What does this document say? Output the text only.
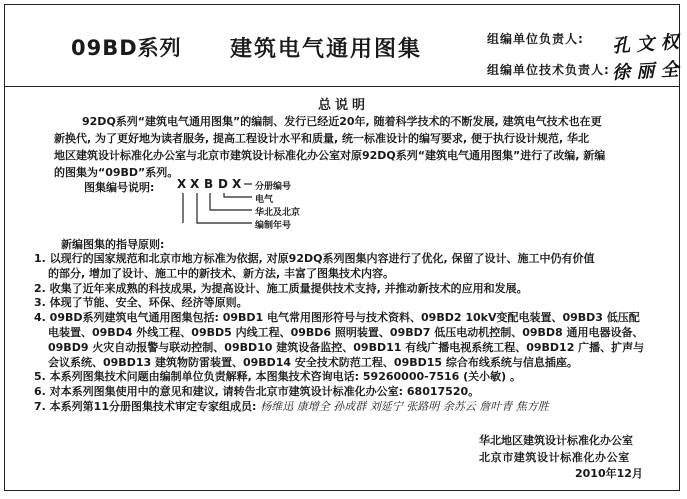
09BD系列 建筑电气通用图集	组编单位负责人:
组编单位技术负责人:
孔 文 权
徐 丽 全
总说明

92DQ系列“建筑电气通用图集”的编制、发行已经近20年, 随着科学技术的不断发展, 建筑电气技术也在更
新换代, 为了更好地为读者服务, 提高工程设计水平和质量, 统一标准设计的编写要求, 便于执行设计规范, 华北
地区建筑设计标准化办公室与北京市建筑设计标准化办公室对原92DQ系列“建筑电气通用图集”进行了改编, 新编
的图集为“09BD”系列。

图集编号说明: X X B D X 分册编号
电气
华北及北京
编制年号
新编图集的指导原则:
1. 以现行的国家规范和北京市地方标准为依据, 对原92DQ系列图集内容进行了优化, 保留了设计、施工中仍有价值
的部分, 增加了设计、施工中的新技术、新方法, 丰富了图集技术内容。
2. 收集了近年来成熟的科技成果, 为提高设计、施工质量提供技术支持, 并推动新技术的应用和发展。
3. 体现了节能、安全、环保、经济等原则。
4. 09BD系列建筑电气通用图集包括: 09BD1 电气常用图形符号与技术资料、09BD2 10kV变配电装置、09BD3 低压配
电装置、09BD4 外线工程、09BD5 内线工程、09BD6 照明装置、09BD7 低压电动机控制、09BD8 通用电器设备、
09BD9 火灾自动报警与联动控制、09BD10 建筑设备监控、09BD11 有线广播电视系统工程、09BD12 广播、扩声与
会议系统、09BD13 建筑物防雷装置、09BD14 安全技术防范工程、09BD15 综合布线系统与信息插座。
5. 本系列图集技术问题由编制单位负责解释, 本图集技术咨询电话: 59260000-7516 (关小敏) 。
6. 对本系列图集使用中的意见和建议, 请转告北京市建筑设计标准化办公室: 68017520。
7. 本系列第11分册图集技术审定专家组成员: 杨维迅 康增全 孙成群 刘延宁 张路明 余苏云 詹叶青 焦方胜
华北地区建筑设计标准化办公室
北京市建筑设计标准化办公室
2010年12月
